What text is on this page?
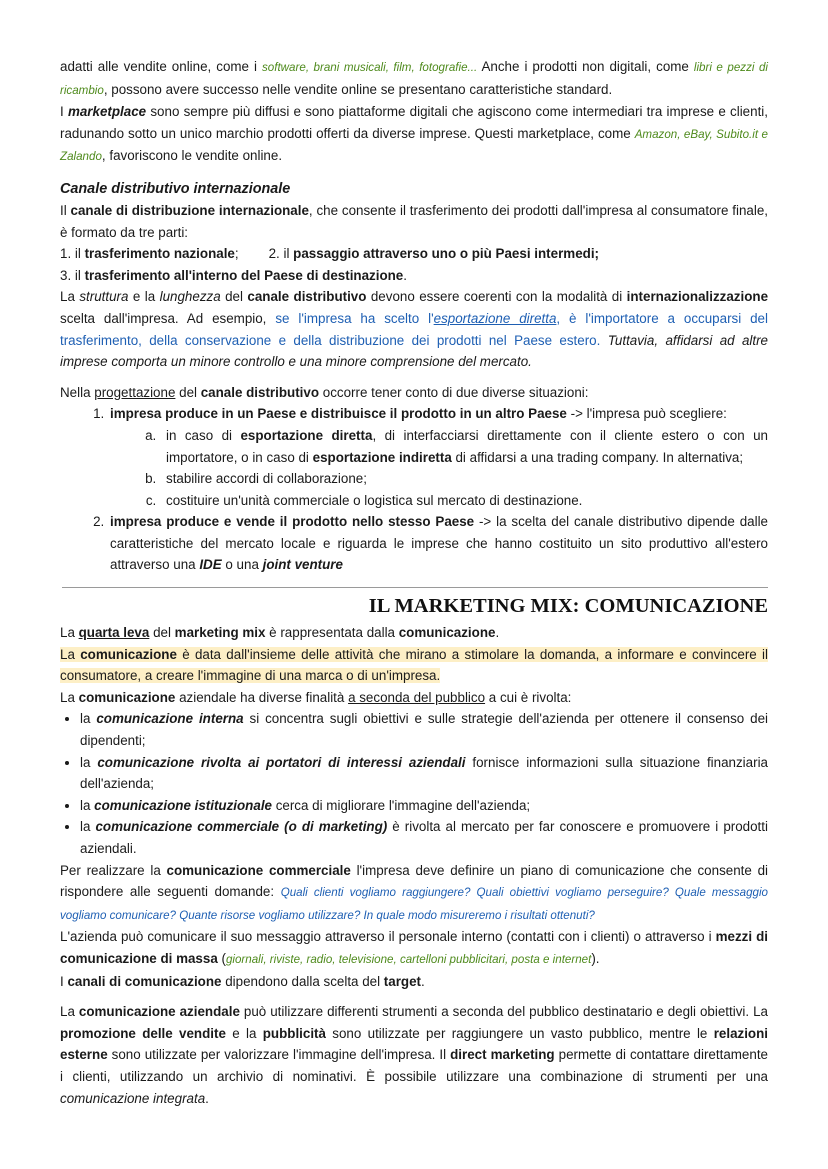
adatti alle vendite online, come i software, brani musicali, film, fotografie... Anche i prodotti non digitali, come libri e pezzi di ricambio, possono avere successo nelle vendite online se presentano caratteristiche standard.

I marketplace sono sempre più diffusi e sono piattaforme digitali che agiscono come intermediari tra imprese e clienti, radunando sotto un unico marchio prodotti offerti da diverse imprese. Questi marketplace, come Amazon, eBay, Subito.it e Zalando, favoriscono le vendite online.

Canale distributivo internazionale

Il canale di distribuzione internazionale, che consente il trasferimento dei prodotti dall'impresa al consumatore finale, è formato da tre parti:

1. il trasferimento nazionale; 2. il passaggio attraverso uno o più Paesi intermedi;

3. il trasferimento all'interno del Paese di destinazione.

La struttura e la lunghezza del canale distributivo devono essere coerenti con la modalità di internazionalizzazione scelta dall'impresa. Ad esempio, se l'impresa ha scelto l'esportazione diretta, è l'importatore a occuparsi del trasferimento, della conservazione e della distribuzione dei prodotti nel Paese estero. Tuttavia, affidarsi ad altre imprese comporta un minore controllo e una minore comprensione del mercato.

Nella progettazione del canale distributivo occorre tener conto di due diverse situazioni:

1. impresa produce in un Paese e distribuisce il prodotto in un altro Paese -> l'impresa può scegliere:
a. in caso di esportazione diretta, di interfacciarsi direttamente con il cliente estero o con un importatore, o in caso di esportazione indiretta di affidarsi a una trading company. In alternativa;
b. stabilire accordi di collaborazione;
c. costituire un'unità commerciale o logistica sul mercato di destinazione.
2. impresa produce e vende il prodotto nello stesso Paese -> la scelta del canale distributivo dipende dalle caratteristiche del mercato locale e riguarda le imprese che hanno costituito un sito produttivo all'estero attraverso una IDE o una joint venture
IL MARKETING MIX: COMUNICAZIONE

La quarta leva del marketing mix è rappresentata dalla comunicazione.

La comunicazione è data dall'insieme delle attività che mirano a stimolare la domanda, a informare e convincere il consumatore, a creare l'immagine di una marca o di un'impresa.

La comunicazione aziendale ha diverse finalità a seconda del pubblico a cui è rivolta:

• la comunicazione interna si concentra sugli obiettivi e sulle strategie dell'azienda per ottenere il consenso dei dipendenti;
• la comunicazione rivolta ai portatori di interessi aziendali fornisce informazioni sulla situazione finanziaria dell'azienda;
• la comunicazione istituzionale cerca di migliorare l'immagine dell'azienda;
• la comunicazione commerciale (o di marketing) è rivolta al mercato per far conoscere e promuovere i prodotti aziendali.

Per realizzare la comunicazione commerciale l'impresa deve definire un piano di comunicazione che consente di rispondere alle seguenti domande: Quali clienti vogliamo raggiungere? Quali obiettivi vogliamo perseguire? Quale messaggio vogliamo comunicare? Quante risorse vogliamo utilizzare? In quale modo misureremo i risultati ottenuti?

L'azienda può comunicare il suo messaggio attraverso il personale interno (contatti con i clienti) o attraverso i mezzi di comunicazione di massa (giornali, riviste, radio, televisione, cartelloni pubblicitari, posta e internet).

I canali di comunicazione dipendono dalla scelta del target.

La comunicazione aziendale può utilizzare differenti strumenti a seconda del pubblico destinatario e degli obiettivi. La promozione delle vendite e la pubblicità sono utilizzate per raggiungere un vasto pubblico, mentre le relazioni esterne sono utilizzate per valorizzare l'immagine dell'impresa. Il direct marketing permette di contattare direttamente i clienti, utilizzando un archivio di nominativi. È possibile utilizzare una combinazione di strumenti per una comunicazione integrata.
